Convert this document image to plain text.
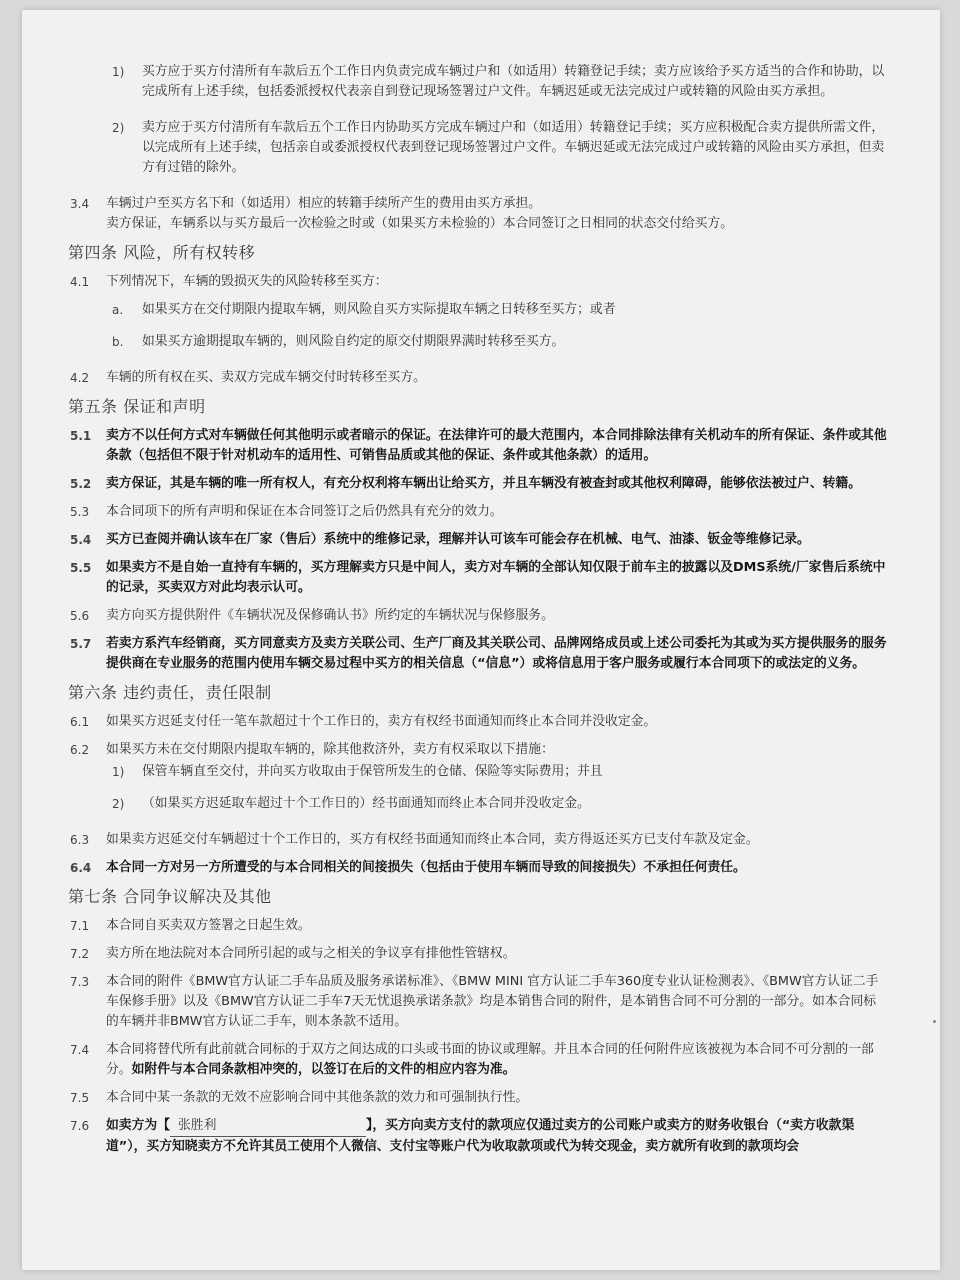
1) 买方应于买方付清所有车款后五个工作日内负责完成车辆过户和（如适用）转籍登记手续；卖方应该给予买方适当的合作和协助，以完成所有上述手续，包括委派授权代表亲自到登记现场签署过户文件。车辆迟延或无法完成过户或转籍的风险由买方承担。
2) 卖方应于买方付清所有车款后五个工作日内协助买方完成车辆过户和（如适用）转籍登记手续；买方应积极配合卖方提供所需文件，以完成所有上述手续，包括亲自或委派授权代表到登记现场签署过户文件。车辆迟延或无法完成过户或转籍的风险由买方承担，但卖方有过错的除外。
3.4 车辆过户至买方名下和（如适用）相应的转籍手续所产生的费用由买方承担。
卖方保证，车辆系以与买方最后一次检验之时或（如果买方未检验的）本合同签订之日相同的状态交付给买方。
第四条 风险，所有权转移
4.1 下列情况下，车辆的毁损灭失的风险转移至买方：
a. 如果买方在交付期限内提取车辆，则风险自买方实际提取车辆之日转移至买方；或者
b. 如果买方逾期提取车辆的，则风险自约定的原交付期限界满时转移至买方。
4.2 车辆的所有权在买、卖双方完成车辆交付时转移至买方。
第五条 保证和声明
5.1 卖方不以任何方式对车辆做任何其他明示或者暗示的保证。在法律许可的最大范围内，本合同排除法律有关机动车的所有保证、条件或其他条款（包括但不限于针对机动车的适用性、可销售品质或其他的保证、条件或其他条款）的适用。
5.2 卖方保证，其是车辆的唯一所有权人，有充分权利将车辆出让给买方，并且车辆没有被查封或其他权利障碍，能够依法被过户、转籍。
5.3 本合同项下的所有声明和保证在本合同签订之后仍然具有充分的效力。
5.4 买方已查阅并确认该车在厂家（售后）系统中的维修记录，理解并认可该车可能会存在机械、电气、油漆、钣金等维修记录。
5.5 如果卖方不是自始一直持有车辆的，买方理解卖方只是中间人，卖方对车辆的全部认知仅限于前车主的披露以及DMS系统/厂家售后系统中的记录，买卖双方对此均表示认可。
5.6 卖方向买方提供附件《车辆状况及保修确认书》所约定的车辆状况与保修服务。
5.7 若卖方系汽车经销商，买方同意卖方及卖方关联公司、生产厂商及其关联公司、品牌网络成员或上述公司委托为其或为买方提供服务的服务提供商在专业服务的范围内使用车辆交易过程中买方的相关信息（“信息”）或将信息用于客户服务或履行本合同项下的或法定的义务。
第六条 违约责任，责任限制
6.1 如果买方迟延支付任一笔车款超过十个工作日的，卖方有权经书面通知而终止本合同并没收定金。
6.2 如果买方未在交付期限内提取车辆的，除其他救济外，卖方有权采取以下措施：
1) 保管车辆直至交付，并向买方收取由于保管所发生的仓储、保险等实际费用；并且
2) （如果买方迟延取车超过十个工作日的）经书面通知而终止本合同并没收定金。
6.3 如果卖方迟延交付车辆超过十个工作日的，买方有权经书面通知而终止本合同，卖方得返还买方已支付车款及定金。
6.4 本合同一方对另一方所遭受的与本合同相关的间接损失（包括由于使用车辆而导致的间接损失）不承担任何责任。
第七条 合同争议解决及其他
7.1 本合同自买卖双方签署之日起生效。
7.2 卖方所在地法院对本合同所引起的或与之相关的争议享有排他性管辖权。
7.3 本合同的附件《BMW官方认证二手车品质及服务承诺标准》、《BMW MINI 官方认证二手车360度专业认证检测表》、《BMW官方认证二手车保修手册》以及《BMW官方认证二手车7天无忧退换承诺条款》均是本销售合同的附件，是本销售合同不可分割的一部分。如本合同标的车辆并非BMW官方认证二手车，则本条款不适用。
7.4 本合同将替代所有此前就合同标的于双方之间达成的口头或书面的协议或理解。并且本合同的任何附件应该被视为本合同不可分割的一部分。如附件与本合同条款相冲突的，以签订在后的文件的相应内容为准。
7.5 本合同中某一条款的无效不应影响合同中其他条款的效力和可强制执行性。
7.6 如卖方为【 张胜利	】，买方向卖方支付的款项应仅通过卖方的公司账户或卖方的财务收银台（“卖方收款渠道”），买方知晓卖方不允许其员工使用个人微信、支付宝等账户代为收取款项或代为转交现金，卖方就所有收到的款项均会
